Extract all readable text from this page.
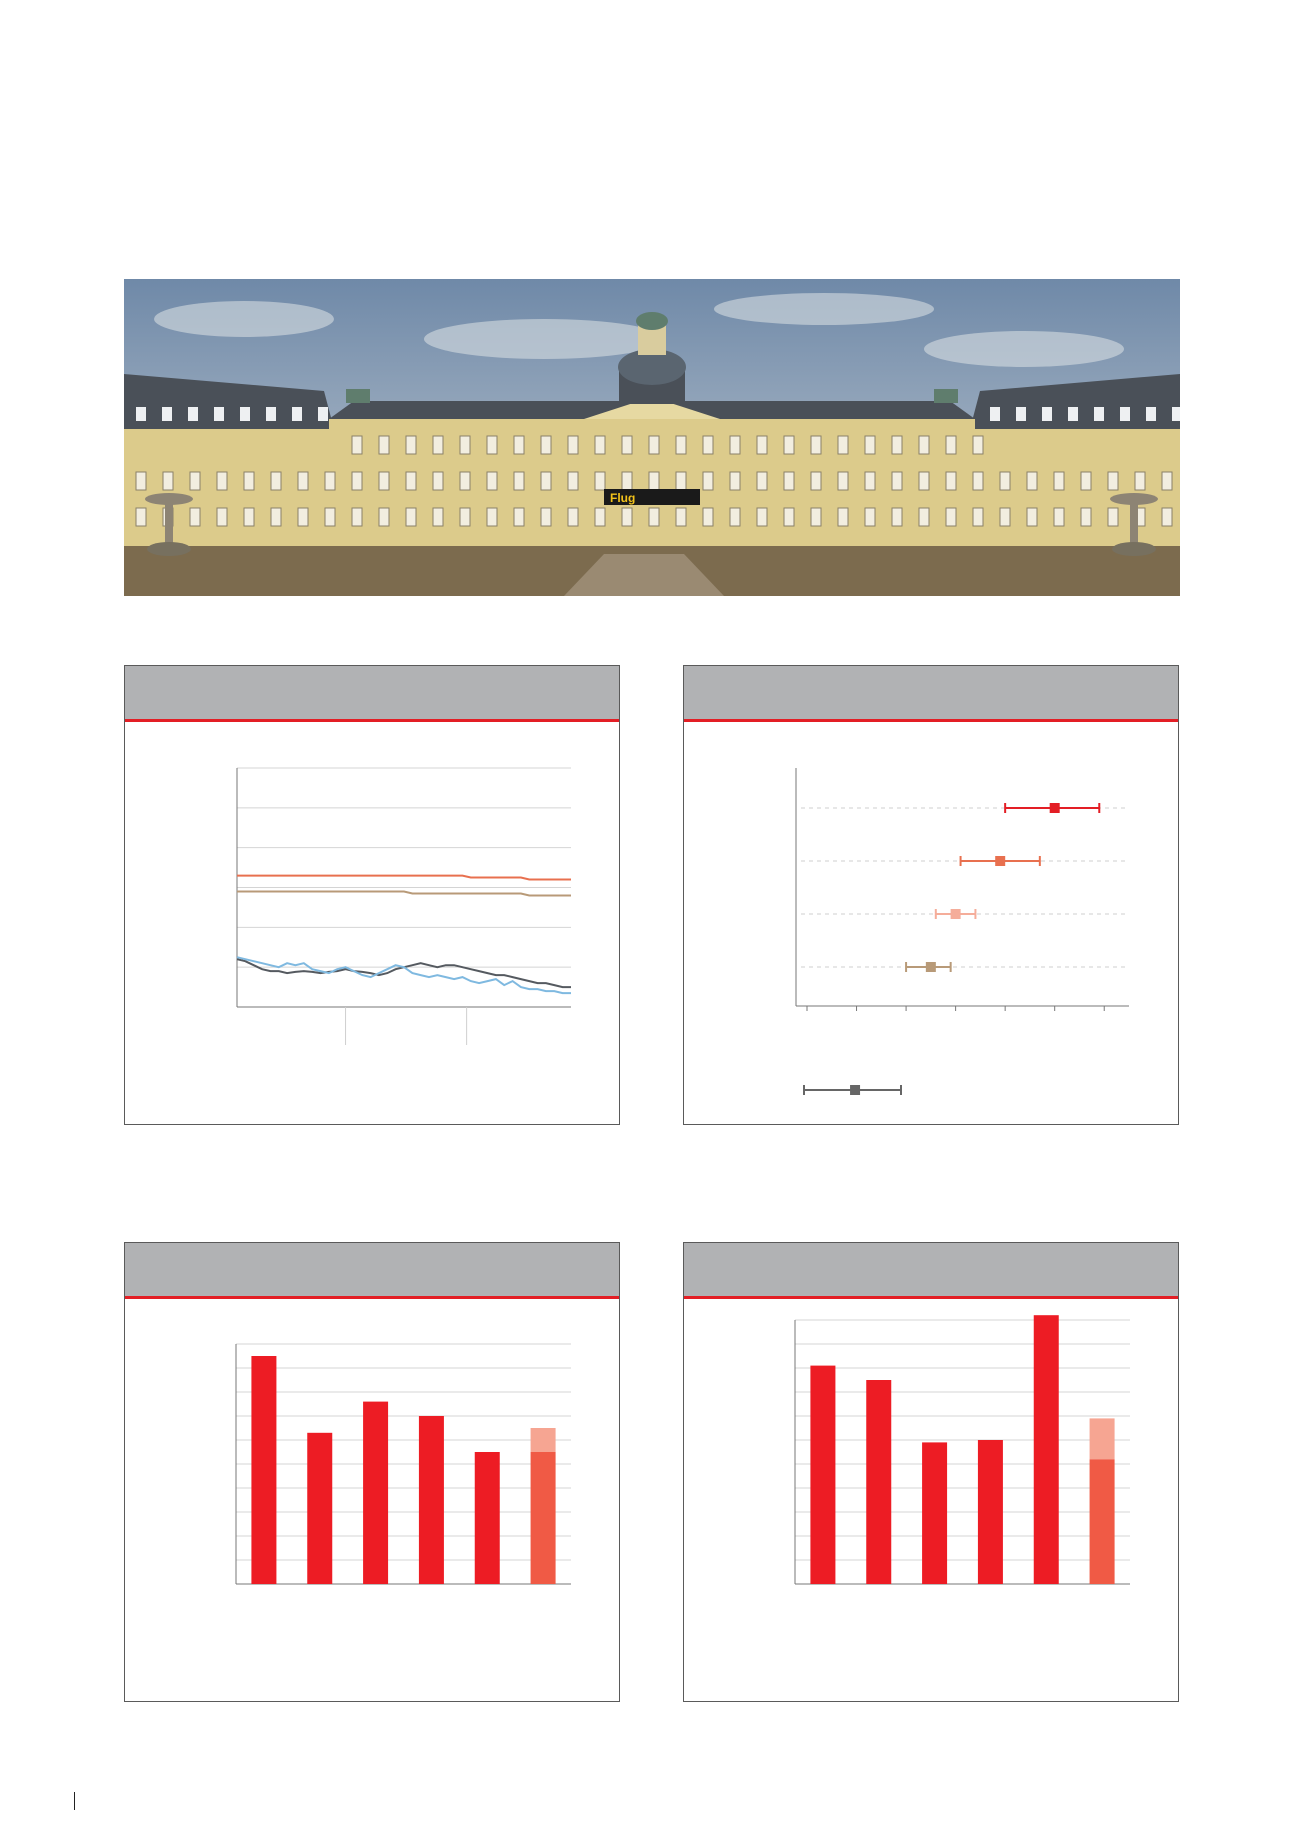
Flug
